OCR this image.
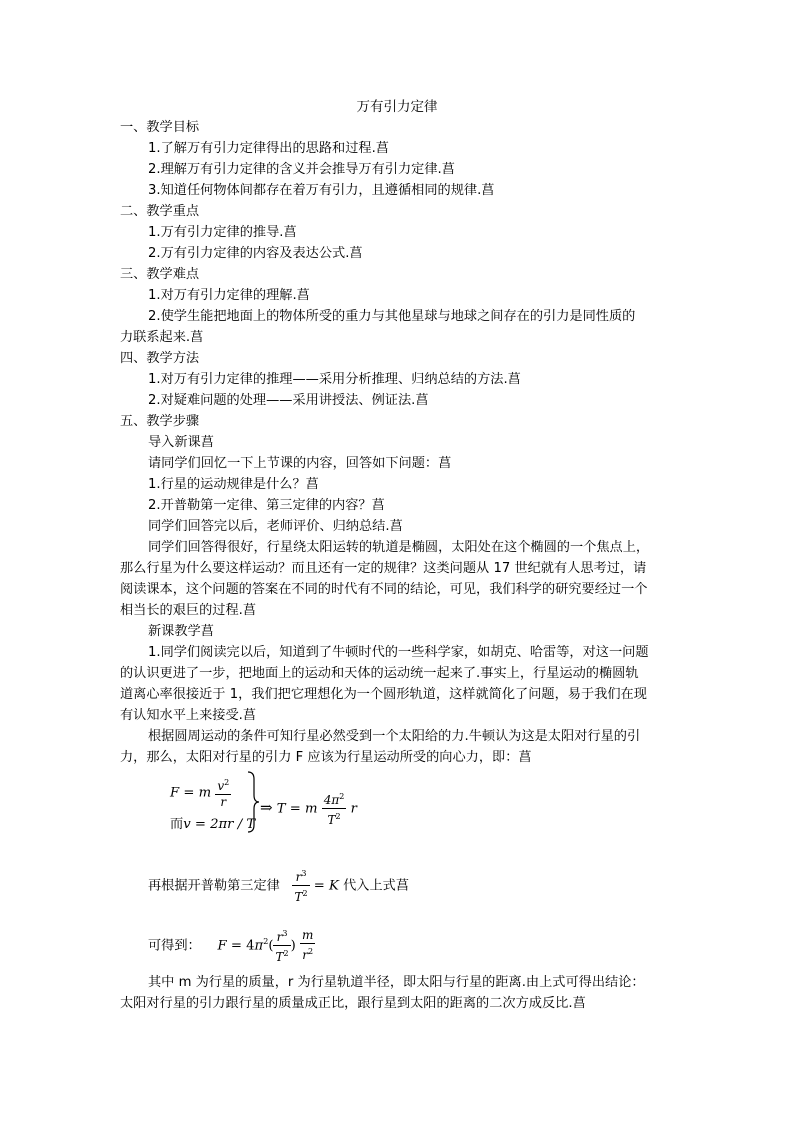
万有引力定律
一、教学目标
1.了解万有引力定律得出的思路和过程.菖
2.理解万有引力定律的含义并会推导万有引力定律.菖
3.知道任何物体间都存在着万有引力，且遵循相同的规律.菖
二、教学重点
1.万有引力定律的推导.菖
2.万有引力定律的内容及表达公式.菖
三、教学难点
1.对万有引力定律的理解.菖
2.使学生能把地面上的物体所受的重力与其他星球与地球之间存在的引力是同性质的
力联系起来.菖
四、教学方法
1.对万有引力定律的推理——采用分析推理、归纳总结的方法.菖
2.对疑难问题的处理——采用讲授法、例证法.菖
五、教学步骤
导入新课菖
请同学们回忆一下上节课的内容，回答如下问题：菖
1.行星的运动规律是什么？菖
2.开普勒第一定律、第三定律的内容？菖
同学们回答完以后，老师评价、归纳总结.菖
同学们回答得很好，行星绕太阳运转的轨道是椭圆，太阳处在这个椭圆的一个焦点上，
那么行星为什么要这样运动？而且还有一定的规律？这类问题从 17 世纪就有人思考过，请
阅读课本，这个问题的答案在不同的时代有不同的结论，可见，我们科学的研究要经过一个
相当长的艰巨的过程.菖
新课教学菖
1.同学们阅读完以后，知道到了牛顿时代的一些科学家，如胡克、哈雷等，对这一问题
的认识更进了一步，把地面上的运动和天体的运动统一起来了.事实上，行星运动的椭圆轨
道离心率很接近于 1，我们把它理想化为一个圆形轨道，这样就简化了问题，易于我们在现
有认知水平上来接受.菖
根据圆周运动的条件可知行星必然受到一个太阳给的力.牛顿认为这是太阳对行星的引
力，那么，太阳对行星的引力 F 应该为行星运动所受的向心力，即：菖
F = m $\frac{v^2}{r}$
而v = 2πr / T
⇒ T = m $\frac{4\pi^2}{T^2}$ r
再根据开普勒第三定律 $\frac{r^3}{T^2} = K$ 代入上式菖
可得到： $F = 4\pi^2( \frac{r^3}{T^2}$ ) $\frac{m}{r^2}$
其中 m 为行星的质量，r 为行星轨道半径，即太阳与行星的距离.由上式可得出结论：
太阳对行星的引力跟行星的质量成正比，跟行星到太阳的距离的二次方成反比.菖
